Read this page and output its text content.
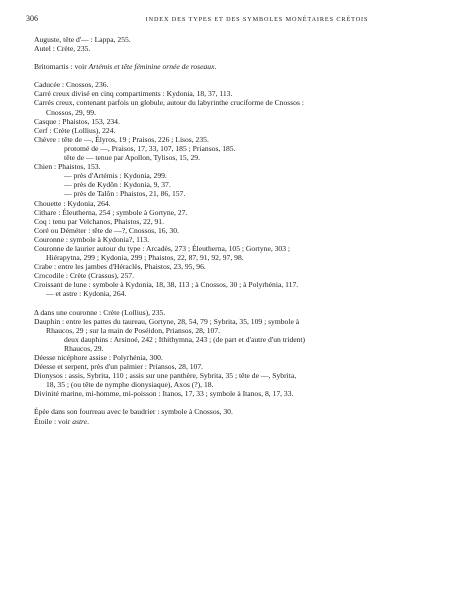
306	INDEX DES TYPES ET DES SYMBOLES MONÉTAIRES CRÉTOIS
Auguste, tête d'— : Lappa, 255.
Autel : Crète, 235.
Britomartis : voir Artémis et tête féminine ornée de roseaux.
Caducée : Cnossos, 236.
Carré creux divisé en cinq compartiments : Kydonia, 18, 37, 113.
Carrés creux, contenant parfois un globule, autour du labyrinthe cruciforme de Cnossos :
Cnossos, 29, 99.
Casque : Phaistos, 153, 234.
Cerf : Crète (Lollius), 224.
Chèvre : tête de —, Élyros, 19 ; Praisos, 226 ; Lisos, 235.
protomé de —, Praisos, 17, 33, 107, 185 ; Priansos, 185.
tête de — tenue par Apollon, Tylisos, 15, 29.
Chien : Phaistos, 153.
— près d'Artémis : Kydonia, 299.
— près de Kydôn : Kydonia, 9, 37.
— près de Talôn : Phaistos, 21, 86, 157.
Chouette : Kydonia, 264.
Cithare : Éleutherna, 254 ; symbole à Gortyne, 27.
Coq : tenu par Velchanos, Phaistos, 22, 91.
Coré ou Déméter : tête de —?, Cnossos, 16, 30.
Couronne : symbole à Kydonia?, 113.
Couronne de laurier autour du type : Arcadès, 273 ; Éleutherna, 105 ; Gortyne, 303 ;
Hiérapytna, 299 ; Kydonia, 299 ; Phaistos, 22, 87, 91, 92, 97, 98.
Crabe : entre les jambes d'Héraclès, Phaistos, 23, 95, 96.
Crocodile : Crète (Crassus), 257.
Croissant de lune : symbole à Kydonia, 18, 38, 113 ; à Cnossos, 30 ; à Polyrhénia, 117.
— et astre : Kydonia, 264.
Δ dans une couronne : Crète (Lollius), 235.
Dauphin : entre les pattes du taureau, Gortyne, 28, 54, 79 ; Sybrita, 35, 109 ; symbole à
Rhaucos, 29 ; sur la main de Poséidon, Priansos, 28, 107.
deux dauphins : Arsinoé, 242 ; Ithithymna, 243 ; (de part et d'autre d'un trident)
Rhaucos, 29.
Déesse nicéphore assise : Polyrhénia, 300.
Déesse et serpent, près d'un palmier : Priansos, 28, 107.
Dionysos : assis, Sybrita, 110 ; assis sur une panthère, Sybrita, 35 ; tête de —, Sybrita,
18, 35 ; (ou tête de nymphe dionysiaque), Axos (?), 18.
Divinité marine, mi-homme, mi-poisson : Itanos, 17, 33 ; symbole à Itanos, 8, 17, 33.
Épée dans son fourreau avec le baudrier : symbole à Cnossos, 30.
Étoile : voir astre.
